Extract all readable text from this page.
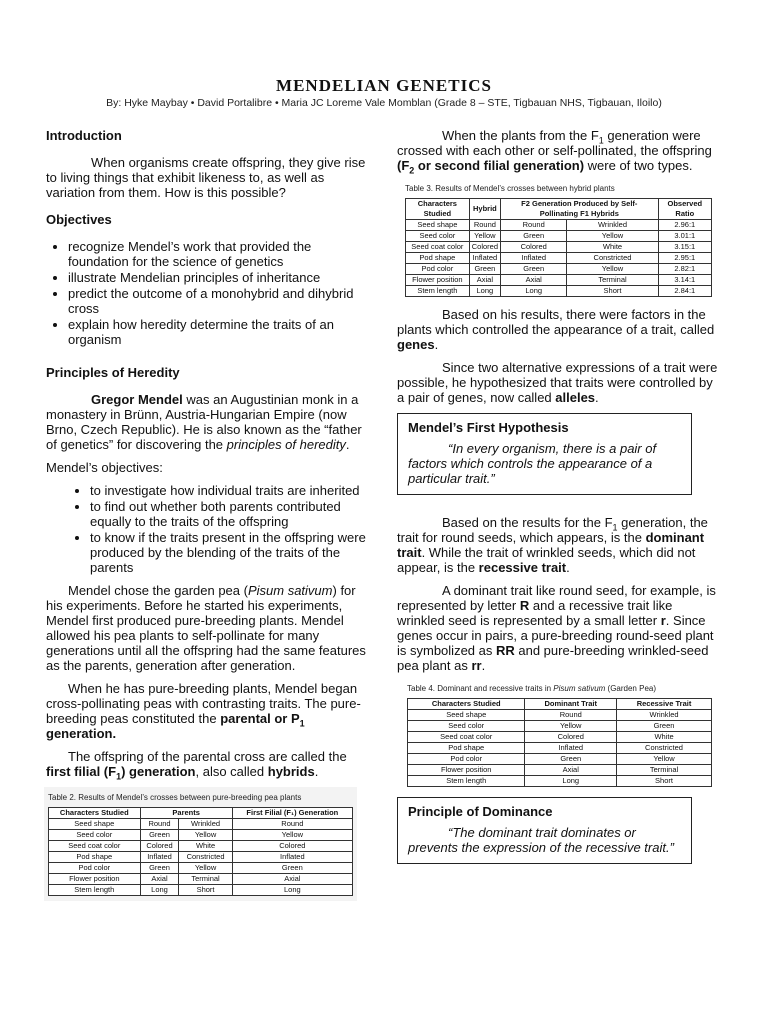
MENDELIAN GENETICS
By: Hyke Maybay • David Portalibre • Maria JC Loreme Vale Momblan (Grade 8 – STE, Tigbauan NHS, Tigbauan, Iloilo)
Introduction

When organisms create offspring, they give rise to living things that exhibit likeness to, as well as variation from them. How is this possible?

Objectives
• recognize Mendel’s work that provided the foundation for the science of genetics
• illustrate Mendelian principles of inheritance
• predict the outcome of a monohybrid and dihybrid cross
• explain how heredity determine the traits of an organism
Principles of Heredity

Gregor Mendel was an Augustinian monk in a monastery in Brünn, Austria-Hungarian Empire (now Brno, Czech Republic). He is also known as the “father of genetics” for discovering the principles of heredity.

Mendel’s objectives:

• to investigate how individual traits are inherited
• to find out whether both parents contributed equally to the traits of the offspring
• to know if the traits present in the offspring were produced by the blending of the traits of the parents

Mendel chose the garden pea (Pisum sativum) for his experiments. Before he started his experiments, Mendel first produced pure-breeding plants. Mendel allowed his pea plants to self-pollinate for many generations until all the offspring had the same features as the parents, generation after generation.

When he has pure-breeding plants, Mendel began cross-pollinating peas with contrasting traits. The pure-breeding peas constituted the parental or $P_1$ generation.

The offspring of the parental cross are called the first filial $(F_1)$ generation, also called hybrids.

Table 2. Results of Mendel’s crosses between pure-breeding pea plants
Characters Studied	Parents		First Filial (F₁) Generation
Seed shape	Round	Wrinkled	Round
Seed color	Green	Yellow	Yellow
Seed coat color	Colored	White	Colored
Pod shape	Inflated	Constricted	Inflated
Pod color	Green	Yellow	Green
Flower position	Axial	Terminal	Axial
Stem length	Long	Short	Long

When the plants from the $F_1$ generation were crossed with each other or self-pollinated, the offspring ($F_2$ or second filial generation) were of two types.

Table 3. Results of Mendel’s crosses between hybrid plants
Characters Studied	Hybrid	F2 Generation Produced by Self-Pollinating F1 Hybrids		Observed Ratio
Seed shape	Round	Round	Wrinkled	2.96:1
Seed color	Yellow	Green	Yellow	3.01:1
Seed coat color	Colored	Colored	White	3.15:1
Pod shape	Inflated	Inflated	Constricted	2.95:1
Pod color	Green	Green	Yellow	2.82:1
Flower position	Axial	Axial	Terminal	3.14:1
Stem length	Long	Long	Short	2.84:1

Based on his results, there were factors in the plants which controlled the appearance of a trait, called genes.

Since two alternative expressions of a trait were possible, he hypothesized that traits were controlled by a pair of genes, now called alleles.

Mendel’s First Hypothesis
“In every organism, there is a pair of factors which controls the appearance of a particular trait.”

Based on the results for the $F_1$ generation, the trait for round seeds, which appears, is the dominant trait. While the trait of wrinkled seeds, which did not appear, is the recessive trait.

A dominant trait like round seed, for example, is represented by letter R and a recessive trait like wrinkled seed is represented by a small letter r. Since genes occur in pairs, a pure-breeding round-seed plant is symbolized as RR and pure-breeding wrinkled-seed pea plant as rr.

Table 4. Dominant and recessive traits in Pisum sativum (Garden Pea)
Characters Studied	Dominant Trait	Recessive Trait
Seed shape	Round	Wrinkled
Seed color	Yellow	Green
Seed coat color	Colored	White
Pod shape	Inflated	Constricted
Pod color	Green	Yellow
Flower position	Axial	Terminal
Stem length	Long	Short
Principle of Dominance
“The dominant trait dominates or prevents the expression of the recessive trait.”
